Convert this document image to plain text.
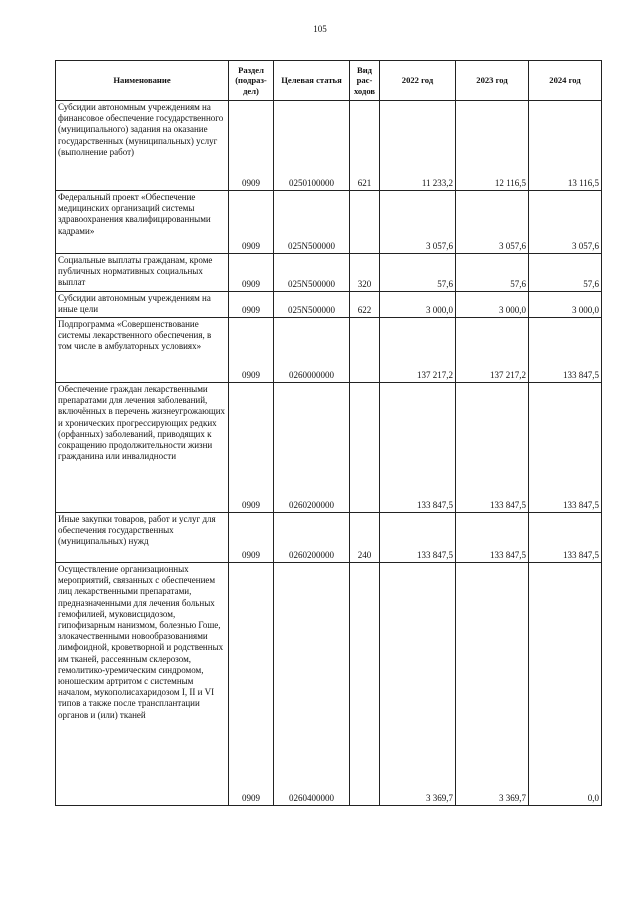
105
Наименование	Раздел (подраз-дел)	Целевая статья	Вид рас-ходов	2022 год	2023 год	2024 год
Субсидии автономным учреждениям на финансовое обеспечение государственного (муниципального) задания на оказание государственных (муниципальных) услуг (выполнение работ)	0909	0250100000	621	11 233,2	12 116,5	13 116,5
Федеральный проект «Обеспечение медицинских организаций системы здравоохранения квалифицированными кадрами»	0909	025N500000		3 057,6	3 057,6	3 057,6
Социальные выплаты гражданам, кроме публичных нормативных социальных выплат	0909	025N500000	320	57,6	57,6	57,6
Субсидии автономным учреждениям на иные цели	0909	025N500000	622	3 000,0	3 000,0	3 000,0
Подпрограмма «Совершенствование системы лекарственного обеспечения, в том числе в амбулаторных условиях»	0909	0260000000		137 217,2	137 217,2	133 847,5
Обеспечение граждан лекарственными препаратами для лечения заболеваний, включённых в перечень жизнеугрожающих и хронических прогрессирующих редких (орфанных) заболеваний, приводящих к сокращению продолжительности жизни гражданина или инвалидности	0909	0260200000		133 847,5	133 847,5	133 847,5
Иные закупки товаров, работ и услуг для обеспечения государственных (муниципальных) нужд	0909	0260200000	240	133 847,5	133 847,5	133 847,5
Осуществление организационных мероприятий, связанных с обеспечением лиц лекарственными препаратами, предназначенными для лечения больных гемофилией, муковисцидозом, гипофизарным нанизмом, болезнью Гоше, злокачественными новообразованиями лимфоидной, кроветворной и родственных им тканей, рассеянным склерозом, гемолитико-уремическим синдромом, юношеским артритом с системным началом, мукополисахаридозом I, II и VI типов а также после трансплантации органов и (или) тканей	0909	0260400000		3 369,7	3 369,7	0,0
